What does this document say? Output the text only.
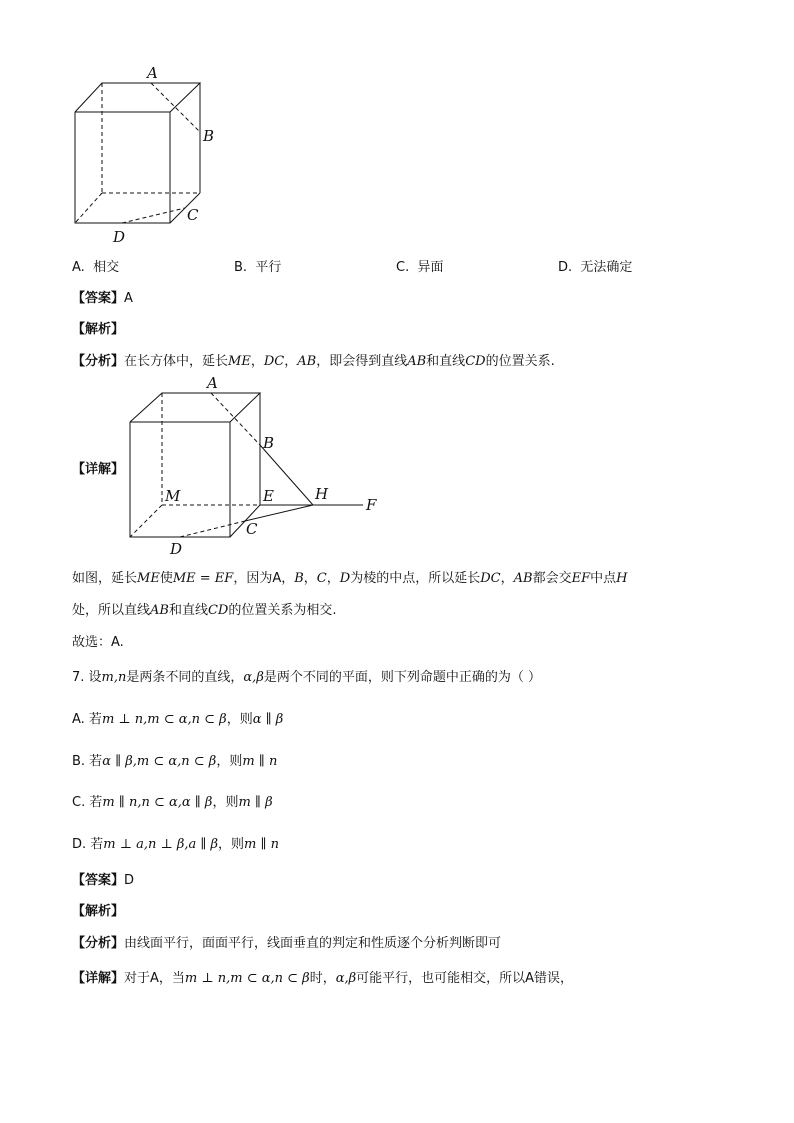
A
B
C
D
A. 相交	B. 平行	C. 异面	D. 无法确定
【答案】A
【解析】
【分析】在长方体中，延长ME，DC，AB，即会得到直线AB和直线CD的位置关系.
【详解】
A
B
M	E	H
F
C
D
如图，延长ME使ME = EF，因为A，B，C，D为棱的中点，所以延长DC，AB都会交EF中点H
处，所以直线AB和直线CD的位置关系为相交.
故选：A.
7. 设m,n是两条不同的直线，α,β是两个不同的平面，则下列命题中正确的为（ ）
A. 若m ⊥ n,m ⊂ α,n ⊂ β，则α ∥ β
B. 若α ∥ β,m ⊂ α,n ⊂ β，则m ∥ n
C. 若m ∥ n,n ⊂ α,α ∥ β，则m ∥ β
D. 若m ⊥ a,n ⊥ β,a ∥ β，则m ∥ n
【答案】D
【解析】
【分析】由线面平行，面面平行，线面垂直的判定和性质逐个分析判断即可
【详解】对于A，当m ⊥ n,m ⊂ α,n ⊂ β时，α,β可能平行，也可能相交，所以A错误，
